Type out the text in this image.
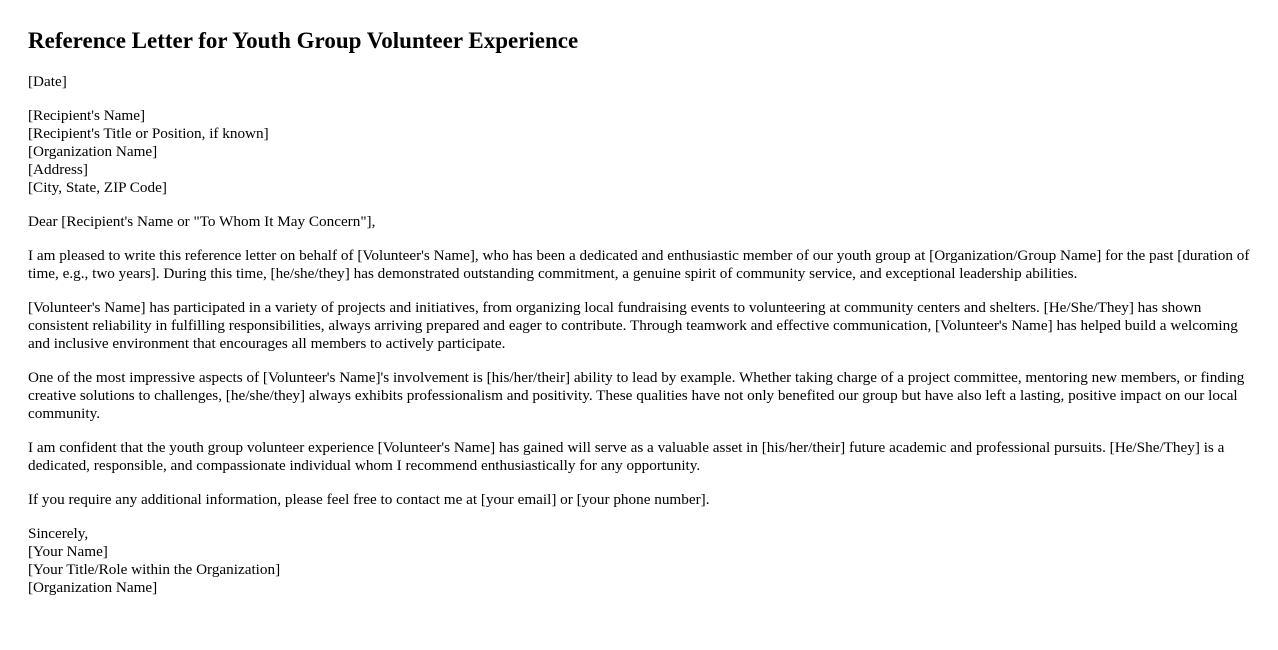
Reference Letter for Youth Group Volunteer Experience
[Date]
[Recipient's Name]
[Recipient's Title or Position, if known]
[Organization Name]
[Address]
[City, State, ZIP Code]

Dear [Recipient's Name or "To Whom It May Concern"],

I am pleased to write this reference letter on behalf of [Volunteer's Name], who has been a dedicated and enthusiastic member of our youth group at [Organization/Group Name] for the past [duration of time, e.g., two years]. During this time, [he/she/they] has demonstrated outstanding commitment, a genuine spirit of community service, and exceptional leadership abilities.

[Volunteer's Name] has participated in a variety of projects and initiatives, from organizing local fundraising events to volunteering at community centers and shelters. [He/She/They] has shown consistent reliability in fulfilling responsibilities, always arriving prepared and eager to contribute. Through teamwork and effective communication, [Volunteer's Name] has helped build a welcoming and inclusive environment that encourages all members to actively participate.

One of the most impressive aspects of [Volunteer's Name]'s involvement is [his/her/their] ability to lead by example. Whether taking charge of a project committee, mentoring new members, or finding creative solutions to challenges, [he/she/they] always exhibits professionalism and positivity. These qualities have not only benefited our group but have also left a lasting, positive impact on our local community.

I am confident that the youth group volunteer experience [Volunteer's Name] has gained will serve as a valuable asset in [his/her/their] future academic and professional pursuits. [He/She/They] is a dedicated, responsible, and compassionate individual whom I recommend enthusiastically for any opportunity.

If you require any additional information, please feel free to contact me at [your email] or [your phone number].

Sincerely,
[Your Name]
[Your Title/Role within the Organization]
[Organization Name]
